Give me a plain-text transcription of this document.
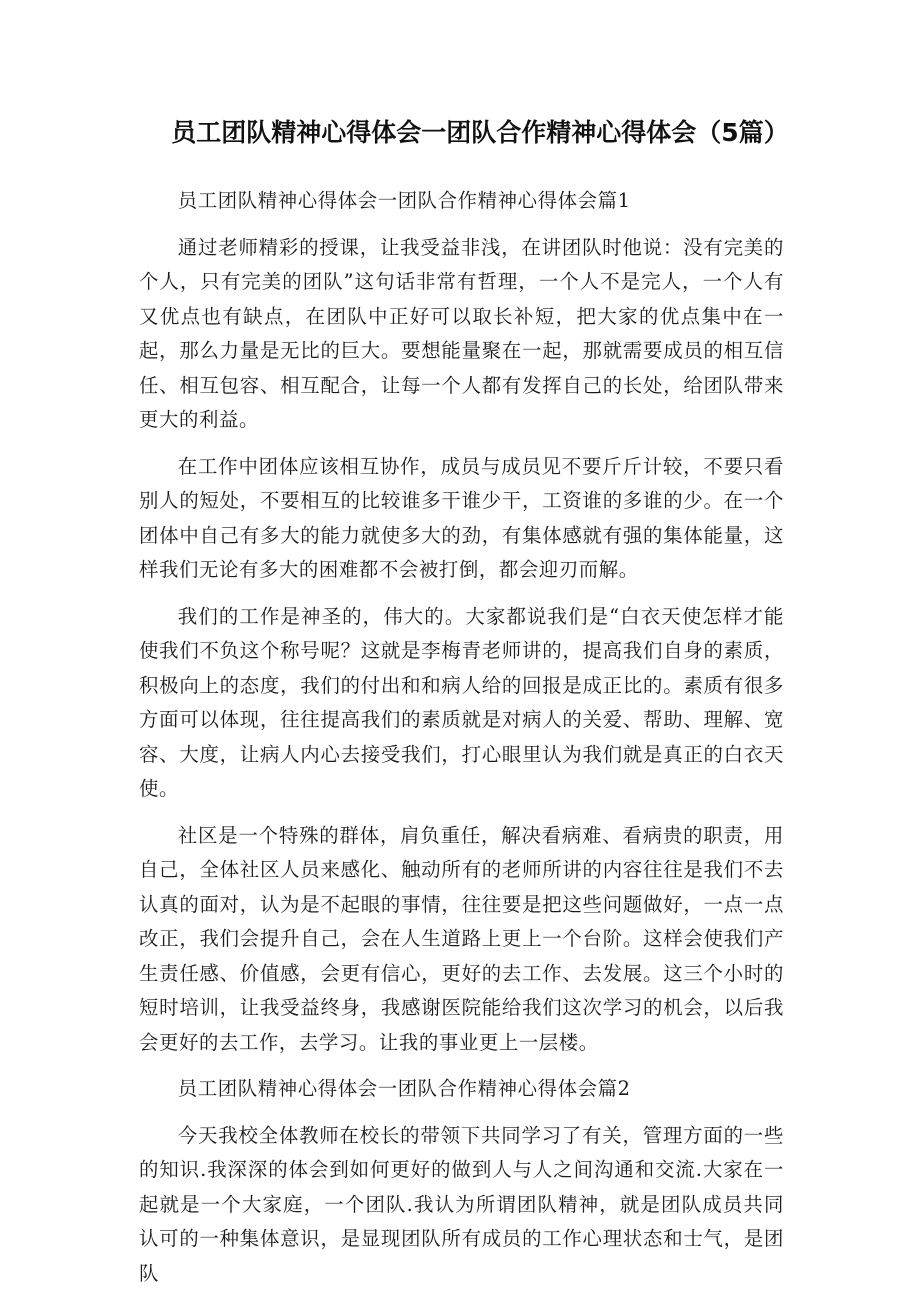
员工团队精神心得体会一团队合作精神心得体会（5篇）

员工团队精神心得体会一团队合作精神心得体会篇1

通过老师精彩的授课，让我受益非浅，在讲团队时他说：没有完美的个人，只有完美的团队”这句话非常有哲理，一个人不是完人，一个人有又优点也有缺点，在团队中正好可以取长补短，把大家的优点集中在一起，那么力量是无比的巨大。要想能量聚在一起，那就需要成员的相互信任、相互包容、相互配合，让每一个人都有发挥自己的长处，给团队带来更大的利益。

在工作中团体应该相互协作，成员与成员见不要斤斤计较，不要只看别人的短处，不要相互的比较谁多干谁少干，工资谁的多谁的少。在一个团体中自己有多大的能力就使多大的劲，有集体感就有强的集体能量，这样我们无论有多大的困难都不会被打倒，都会迎刃而解。

我们的工作是神圣的，伟大的。大家都说我们是“白衣天使怎样才能使我们不负这个称号呢？这就是李梅青老师讲的，提高我们自身的素质，积极向上的态度，我们的付出和和病人给的回报是成正比的。素质有很多方面可以体现，往往提高我们的素质就是对病人的关爱、帮助、理解、宽容、大度，让病人内心去接受我们，打心眼里认为我们就是真正的白衣天使。

社区是一个特殊的群体，肩负重任，解决看病难、看病贵的职责，用自己，全体社区人员来感化、触动所有的老师所讲的内容往往是我们不去认真的面对，认为是不起眼的事情，往往要是把这些问题做好，一点一点改正，我们会提升自己，会在人生道路上更上一个台阶。这样会使我们产生责任感、价值感，会更有信心，更好的去工作、去发展。这三个小时的短时培训，让我受益终身，我感谢医院能给我们这次学习的机会，以后我会更好的去工作，去学习。让我的事业更上一层楼。

员工团队精神心得体会一团队合作精神心得体会篇2

今天我校全体教师在校长的带领下共同学习了有关，管理方面的一些的知识.我深深的体会到如何更好的做到人与人之间沟通和交流.大家在一起就是一个大家庭，一个团队.我认为所谓团队精神，就是团队成员共同认可的一种集体意识，是显现团队所有成员的工作心理状态和士气，是团队
